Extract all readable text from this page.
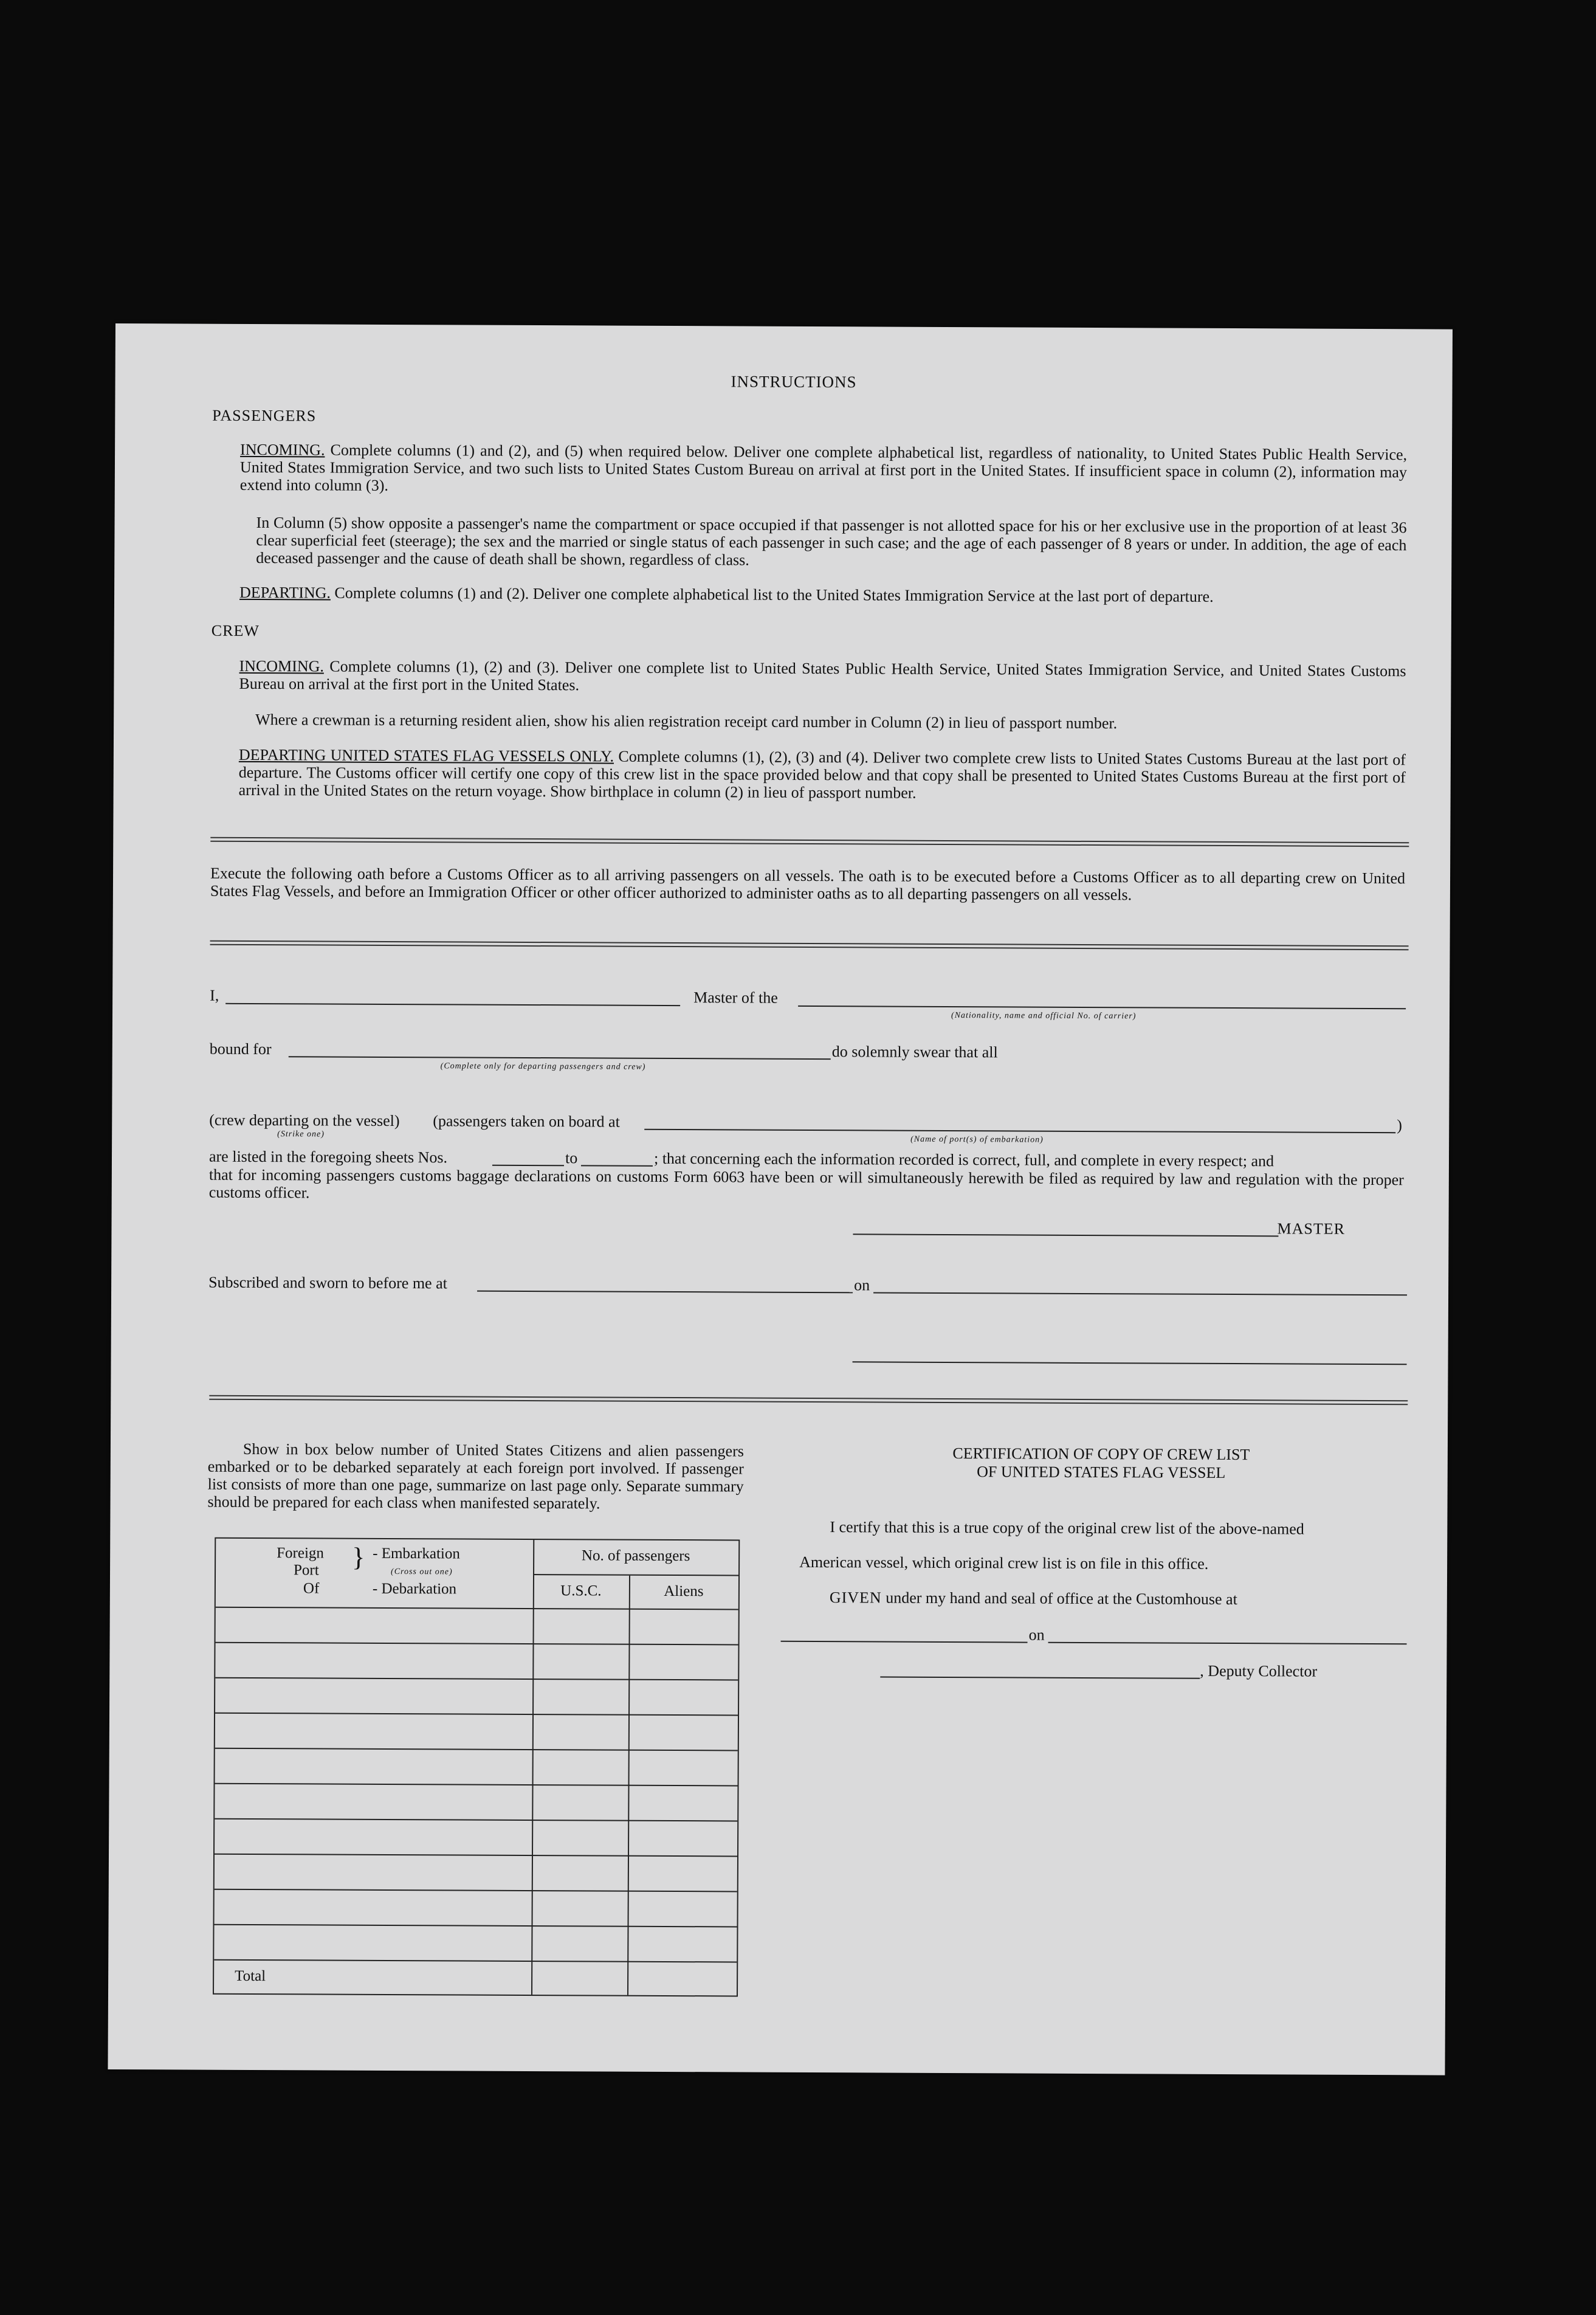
INSTRUCTIONS
PASSENGERS
INCOMING. Complete columns (1) and (2), and (5) when required below. Deliver one complete alphabetical list, regardless of nationality, to United States Public Health Service, United States Immigration Service, and two such lists to United States Custom Bureau on arrival at first port in the United States. If insufficient space in column (2), information may extend into column (3).
In Column (5) show opposite a passenger's name the compartment or space occupied if that passenger is not allotted space for his or her exclusive use in the proportion of at least 36 clear superficial feet (steerage); the sex and the married or single status of each passenger in such case; and the age of each passenger of 8 years or under. In addition, the age of each deceased passenger and the cause of death shall be shown, regardless of class.
DEPARTING. Complete columns (1) and (2). Deliver one complete alphabetical list to the United States Immigration Service at the last port of departure.
CREW
INCOMING. Complete columns (1), (2) and (3). Deliver one complete list to United States Public Health Service, United States Immigration Service, and United States Customs Bureau on arrival at the first port in the United States.
Where a crewman is a returning resident alien, show his alien registration receipt card number in Column (2) in lieu of passport number.
DEPARTING UNITED STATES FLAG VESSELS ONLY. Complete columns (1), (2), (3) and (4). Deliver two complete crew lists to United States Customs Bureau at the last port of departure. The Customs officer will certify one copy of this crew list in the space provided below and that copy shall be presented to United States Customs Bureau at the first port of arrival in the United States on the return voyage. Show birthplace in column (2) in lieu of passport number.
Execute the following oath before a Customs Officer as to all arriving passengers on all vessels. The oath is to be executed before a Customs Officer as to all departing crew on United States Flag Vessels, and before an Immigration Officer or other officer authorized to administer oaths as to all departing passengers on all vessels.
I,	Master of the
(Nationality, name and official No. of carrier)
bound for
(Complete only for departing passengers and crew)
do solemnly swear that all
(crew departing on the vessel)
(Strike one)
(passengers taken on board at	)
(Name of port(s) of embarkation)
are listed in the foregoing sheets Nos.	to	; that concerning each the information recorded is correct, full, and complete in every respect; and
that for incoming passengers customs baggage declarations on customs Form 6063 have been or will simultaneously herewith be filed as required by law and regulation with the proper customs officer.
MASTER
Subscribed and sworn to before me at	on
Show in box below number of United States Citizens and alien passengers embarked or to be debarked separately at each foreign port involved. If passenger list consists of more than one page, summarize on last page only. Separate summary should be prepared for each class when manifested separately.
Foreign
Port
Of
} - Embarkation
(Cross out one)
- Debarkation
No. of passengers
U.S.C.	Aliens
Total
CERTIFICATION OF COPY OF CREW LIST
OF UNITED STATES FLAG VESSEL
I certify that this is a true copy of the original crew list of the above-named
American vessel, which original crew list is on file in this office.
GIVEN under my hand and seal of office at the Customhouse at
on
, Deputy Collector
